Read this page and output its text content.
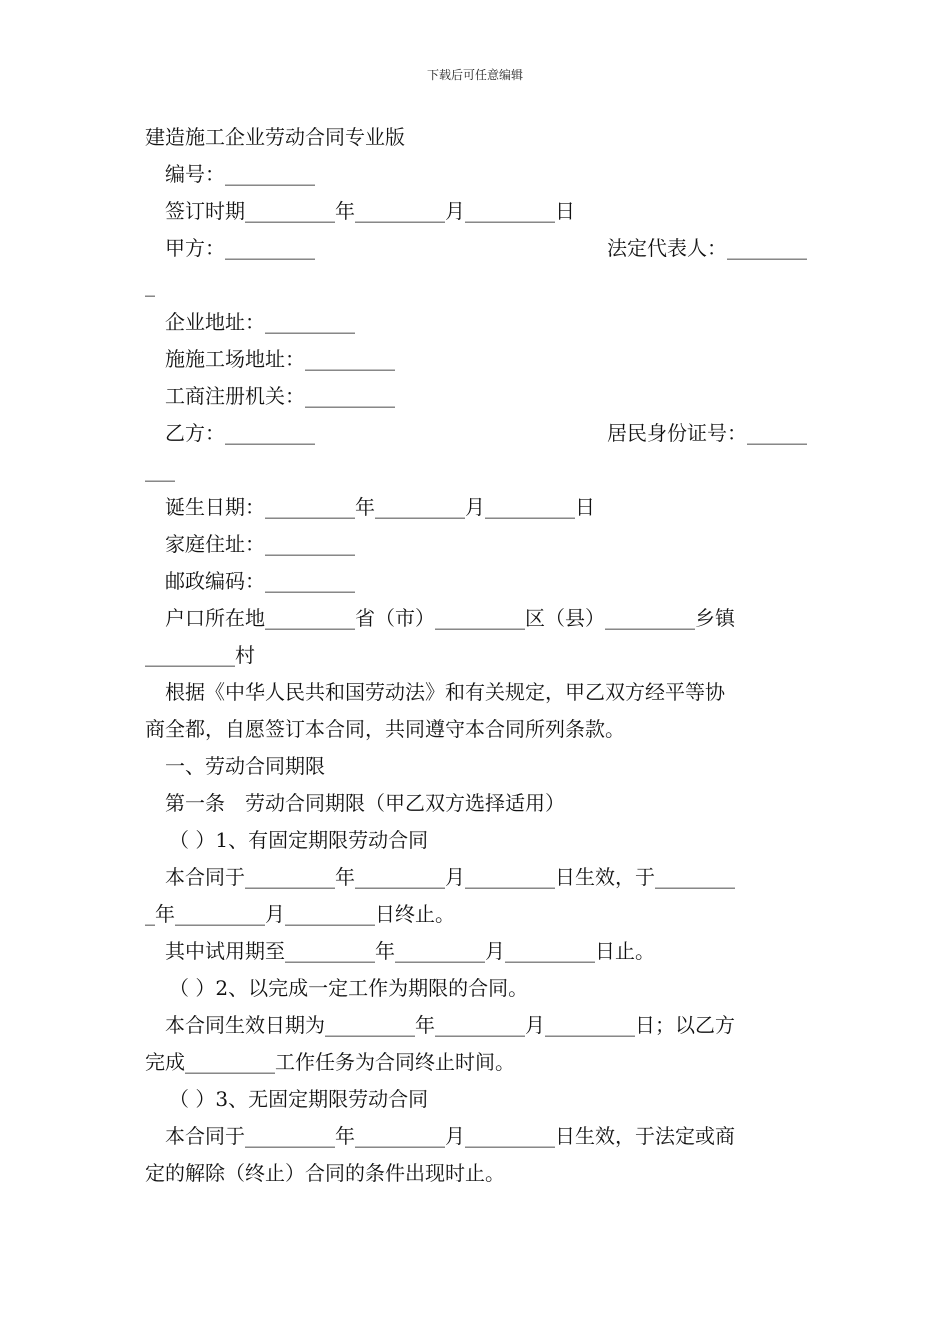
下载后可任意编辑
建造施工企业劳动合同专业版
编号：_________
签订时期_________年_________月_________日
甲方：_________	法定代表人：________
_
企业地址：_________
施施工场地址：_________
工商注册机关：_________
乙方：_________	居民身份证号：______
___
诞生日期：_________年_________月_________日
家庭住址：_________
邮政编码：_________
户口所在地_________省（市）_________区（县）_________乡镇
_________村
根据《中华人民共和国劳动法》和有关规定，甲乙双方经平等协
商全都，自愿签订本合同，共同遵守本合同所列条款。
一、劳动合同期限
第一条　劳动合同期限（甲乙双方选择适用）
（ ）1、有固定期限劳动合同
本合同于_________年_________月_________日生效，于________
_年_________月_________日终止。
其中试用期至_________年_________月_________日止。
（ ）2、以完成一定工作为期限的合同。
本合同生效日期为_________年_________月_________日；以乙方
完成_________工作任务为合同终止时间。
（ ）3、无固定期限劳动合同
本合同于_________年_________月_________日生效，于法定或商
定的解除（终止）合同的条件出现时止。
